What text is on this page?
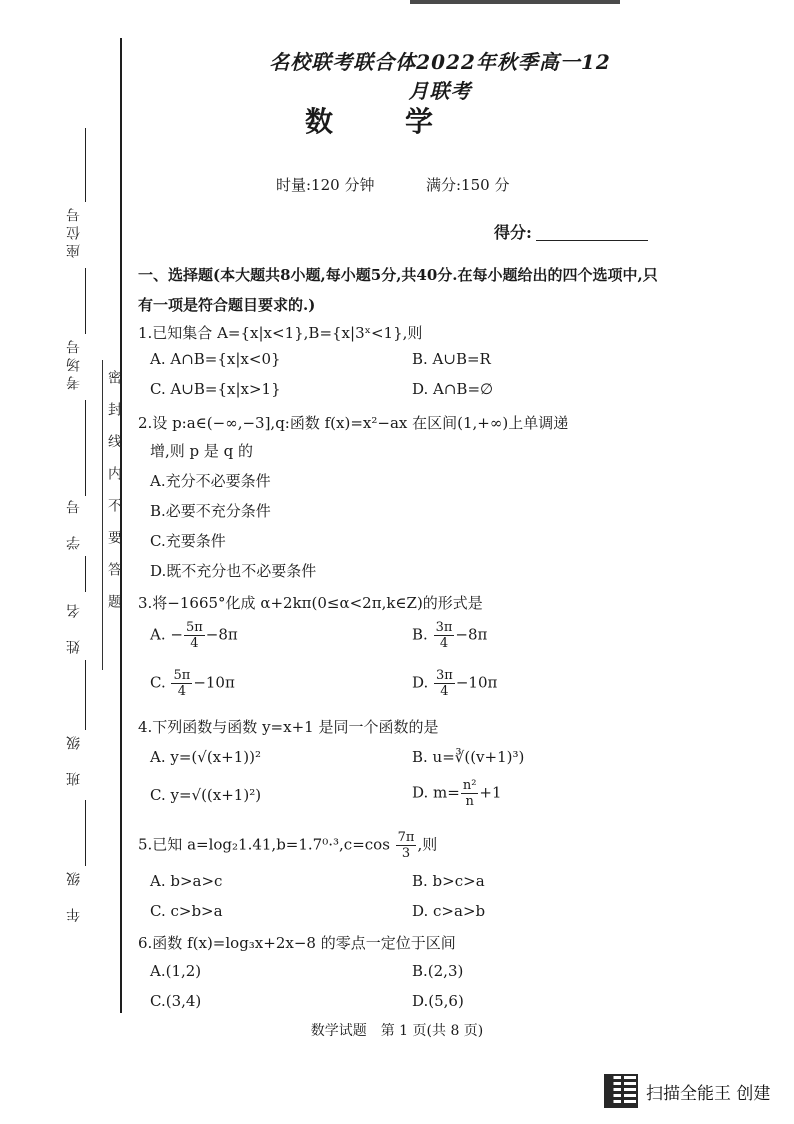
座位号
考场号
学　号
姓　名
班　级
年　级
密封线内不要答题
名校联考联合体2022年秋季高一12月联考
数　学
时量:120 分钟	满分:150 分
得分:
一、选择题(本大题共8小题,每小题5分,共40分.在每小题给出的四个选项中,只有一项是符合题目要求的.)
1.已知集合 A={x|x<1},B={x|3ˣ<1},则
A. A∩B={x|x<0}	B. A∪B=R
C. A∪B={x|x>1}	D. A∩B=∅
2.设 p:a∈(−∞,−3],q:函数 f(x)=x²−ax 在区间(1,+∞)上单调递
增,则 p 是 q 的
A.充分不必要条件
B.必要不充分条件
C.充要条件
D.既不充分也不必要条件
3.将−1665°化成 α+2kπ(0≤α<2π,k∈Z)的形式是
A. − $\frac{5\pi}{4} -8\pi$	B. $\frac{3\pi}{4} -8\pi$
C. $\frac{5\pi}{4} -10\pi$	D. $\frac{3\pi}{4} -10\pi$
4.下列函数与函数 y=x+1 是同一个函数的是
A. y=(√(x+1))²	B. u=∛((v+1)³)
C. y=√((x+1)²)	D. $m= \frac{\text{n²}}{n} +1$
5.已知 $a=\log_21.41,b=1.7^0\cdot^3,c=\cos \frac{7\pi}{3}$ ,则
A. b>a>c	B. b>c>a
C. c>b>a	D. c>a>b
6.函数 f(x)=log₃x+2x−8 的零点一定位于区间
A.(1,2)	B.(2,3)
C.(3,4)	D.(5,6)
数学试题　第 1 页(共 8 页)
扫描全能王 创建
